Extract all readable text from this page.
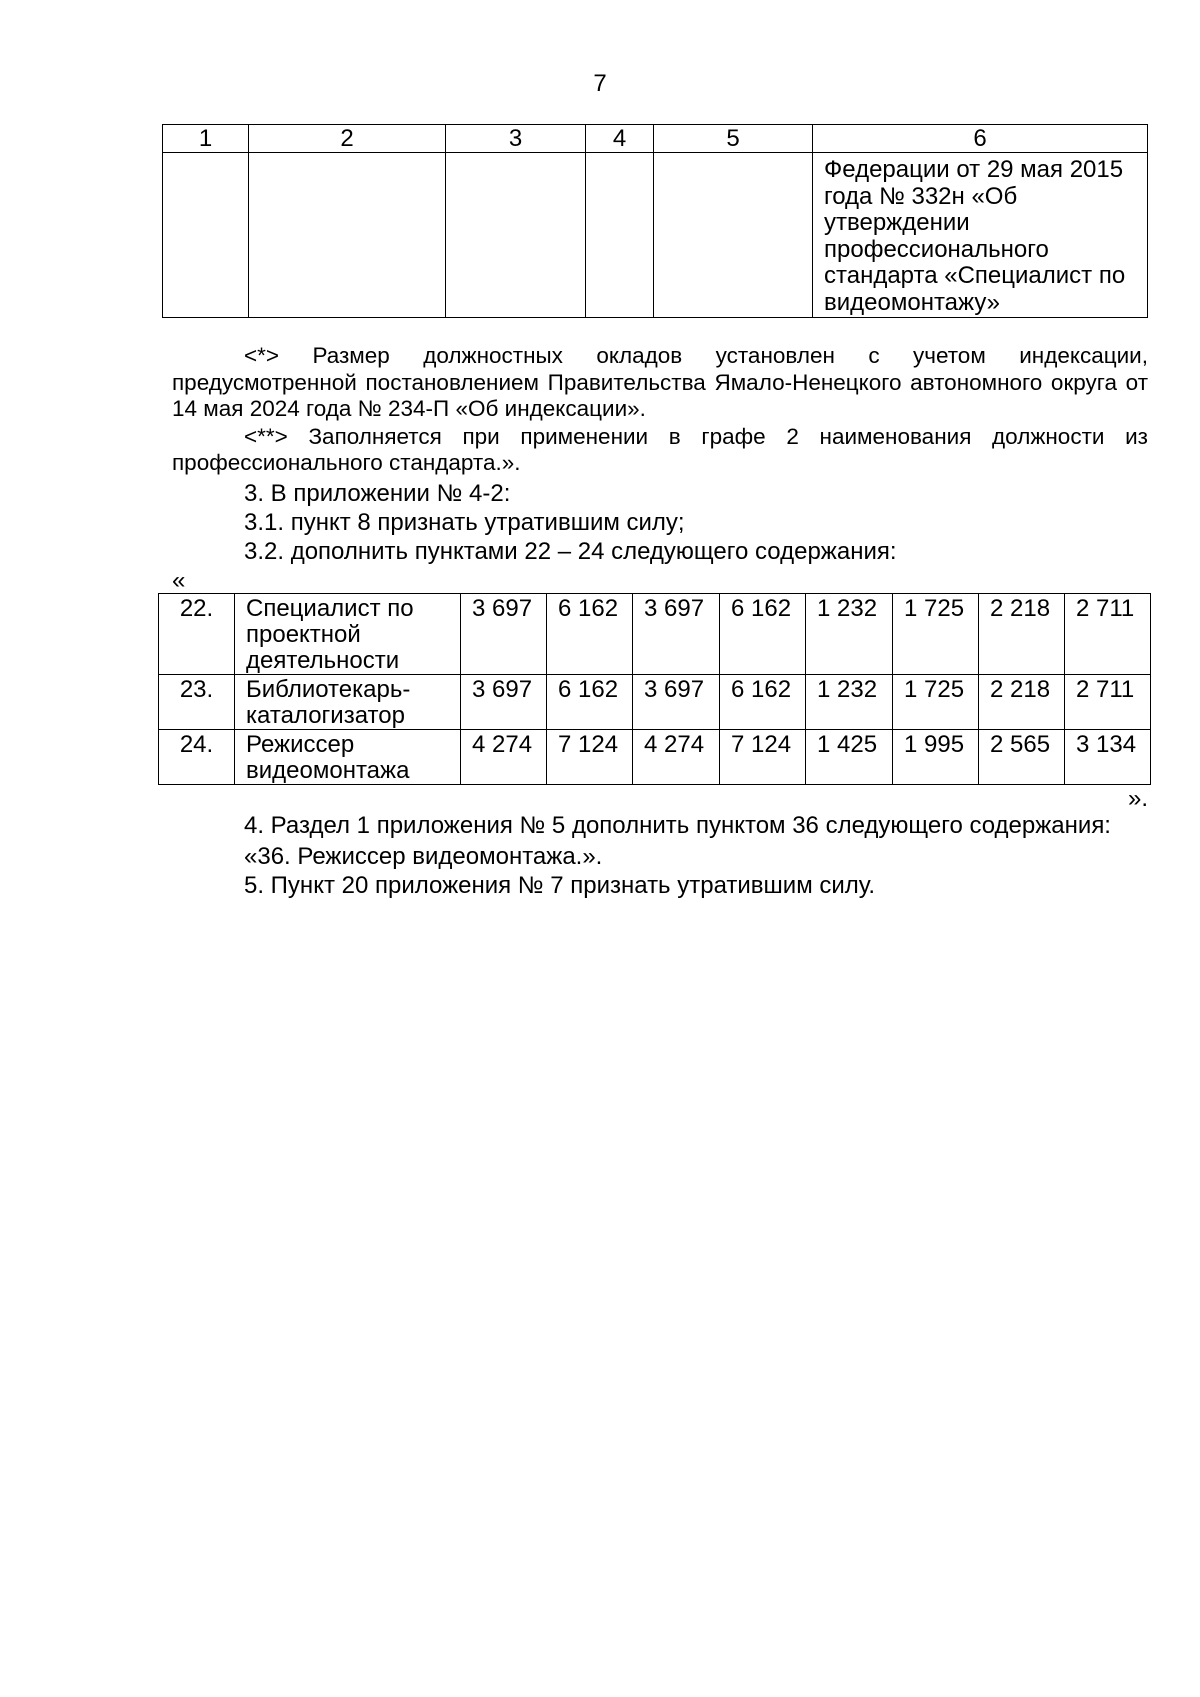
7
1	2	3	4	5	6
					Федерации от 29 мая 2015 года № 332н «Об утверждении профессионального стандарта «Специалист по видеомонтажу»

<*> Размер должностных окладов установлен с учетом индексации, предусмотренной постановлением Правительства Ямало-Ненецкого автономного округа от 14 мая 2024 года № 234-П «Об индексации».

<**> Заполняется при применении в графе 2 наименования должности из профессионального стандарта.».

3. В приложении № 4-2:

3.1. пункт 8 признать утратившим силу;

3.2. дополнить пунктами 22 – 24 следующего содержания:

«
22.	Специалист по проектной деятельности	3 697	6 162	3 697	6 162	1 232	1 725	2 218	2 711
23.	Библиотекарь-каталогизатор	3 697	6 162	3 697	6 162	1 232	1 725	2 218	2 711
24.	Режиссер видеомонтажа	4 274	7 124	4 274	7 124	1 425	1 995	2 565	3 134
».

4. Раздел 1 приложения № 5 дополнить пунктом 36 следующего содержания:

«36. Режиссер видеомонтажа.».

5. Пункт 20 приложения № 7 признать утратившим силу.
